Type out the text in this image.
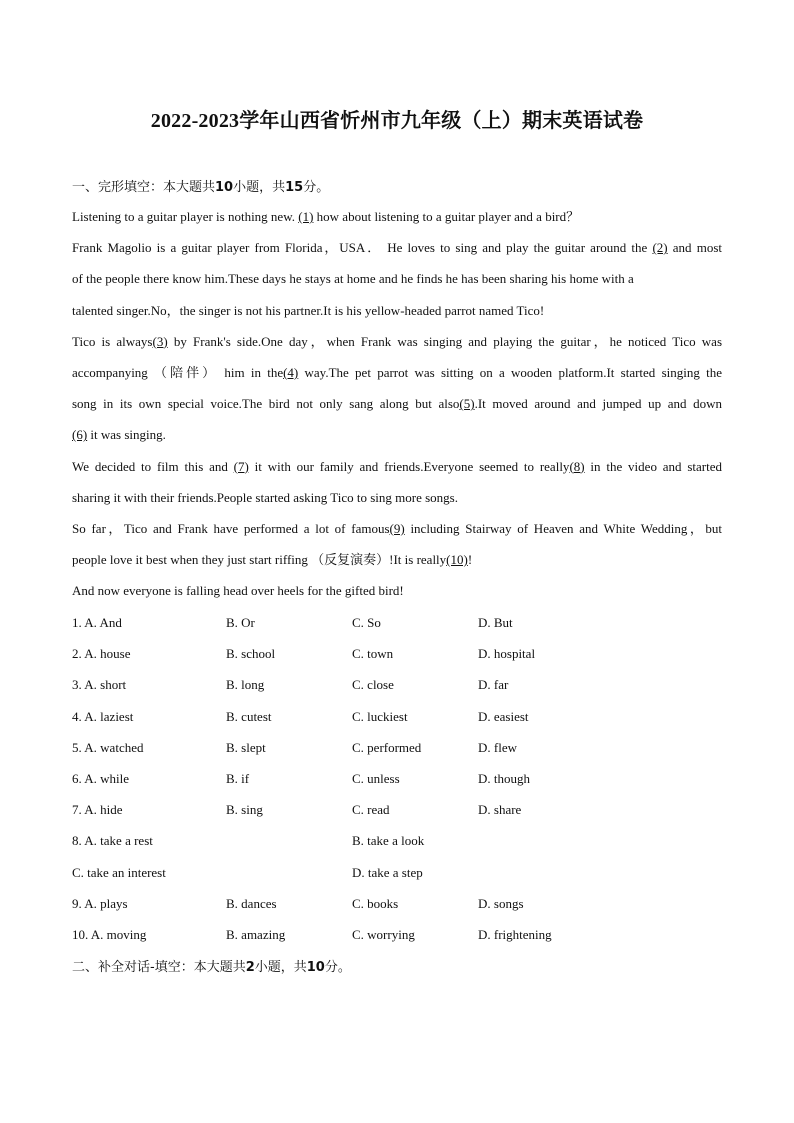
2022-2023学年山西省忻州市九年级（上）期末英语试卷
一、完形填空：本大题共10小题，共15分。
Listening to a guitar player is nothing new. (1) how about listening to a guitar player and a bird？
Frank Magolio is a guitar player from Florida，USA． He loves to sing and play the guitar around the (2) and most
of the people there know him.These days he stays at home and he finds he has been sharing his home with a
talented singer.No，the singer is not his partner.It is his yellow-headed parrot named Tico!
Tico is always(3) by Frank's side.One day，when Frank was singing and playing the guitar，he noticed Tico was
accompanying （陪伴） him in the(4) way.The pet parrot was sitting on a wooden platform.It started singing the
song in its own special voice.The bird not only sang along but also(5).It moved around and jumped up and down
(6) it was singing.
We decided to film this and (7) it with our family and friends.Everyone seemed to really(8) in the video and started
sharing it with their friends.People started asking Tico to sing more songs.
So far，Tico and Frank have performed a lot of famous(9) including Stairway of Heaven and White Wedding，but
people love it best when they just start riffing （反复演奏）!It is really(10)!
And now everyone is falling head over heels for the gifted bird!
1. A. And	B. Or	C. So	D. But
2. A. house	B. school	C. town	D. hospital
3. A. short	B. long	C. close	D. far
4. A. laziest	B. cutest	C. luckiest	D. easiest
5. A. watched	B. slept	C. performed	D. flew
6. A. while	B. if	C. unless	D. though
7. A. hide	B. sing	C. read	D. share
8. A. take a rest	B. take a look
C. take an interest	D. take a step
9. A. plays	B. dances	C. books	D. songs
10. A. moving	B. amazing	C. worrying	D. frightening
二、补全对话-填空：本大题共2小题，共10分。
